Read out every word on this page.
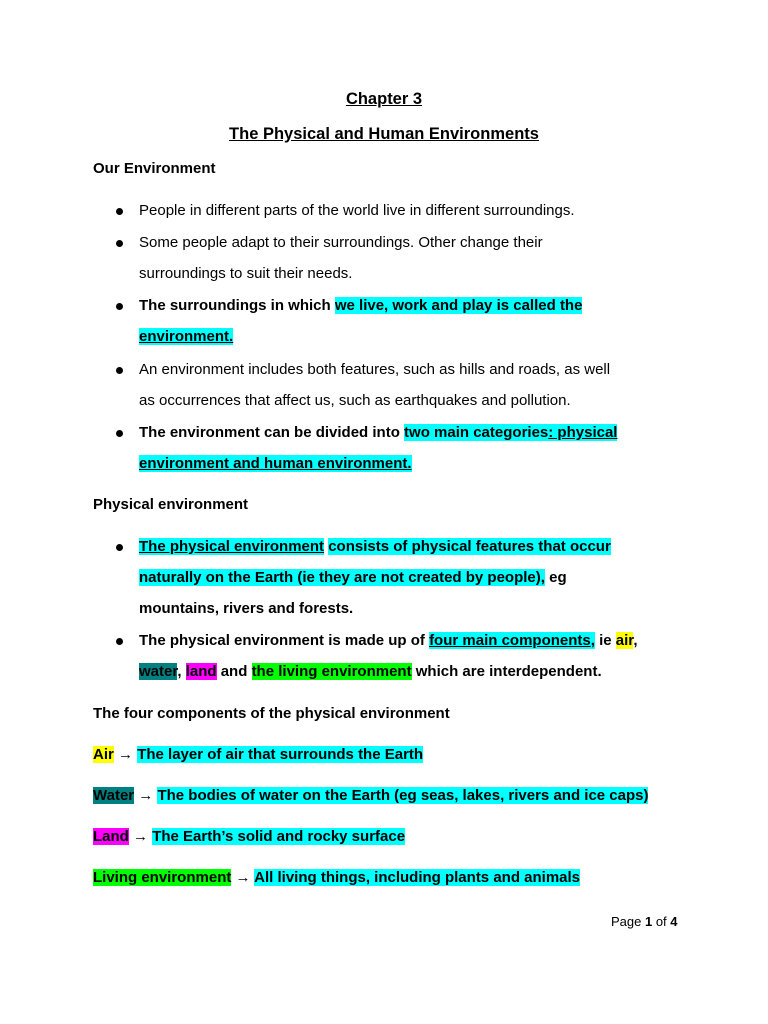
Chapter 3
The Physical and Human Environments
Our Environment
People in different parts of the world live in different surroundings.
Some people adapt to their surroundings. Other change their
surroundings to suit their needs.
The surroundings in which we live, work and play is called the
environment.
An environment includes both features, such as hills and roads, as well
as occurrences that affect us, such as earthquakes and pollution.
The environment can be divided into two main categories: physical
environment and human environment.
Physical environment
The physical environment consists of physical features that occur
naturally on the Earth (ie they are not created by people), eg
mountains, rivers and forests.
The physical environment is made up of four main components, ie air,
water, land and the living environment which are interdependent.
The four components of the physical environment
Air → The layer of air that surrounds the Earth
Water → The bodies of water on the Earth (eg seas, lakes, rivers and ice caps)
Land → The Earth’s solid and rocky surface
Living environment → All living things, including plants and animals
Page 1 of 4
